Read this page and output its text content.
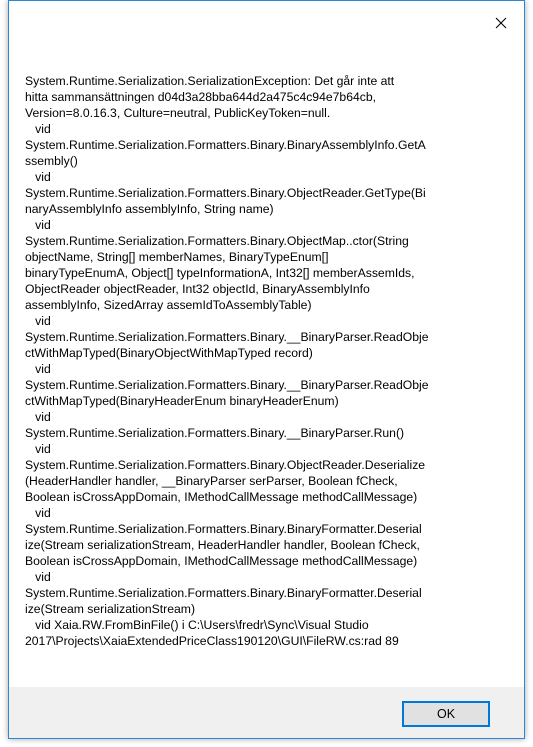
System.Runtime.Serialization.SerializationException: Det går inte att
hitta sammansättningen d04d3a28bba644d2a475c4c94e7b64cb,
Version=8.0.16.3, Culture=neutral, PublicKeyToken=null.
vid
System.Runtime.Serialization.Formatters.Binary.BinaryAssemblyInfo.GetA
ssembly()
vid
System.Runtime.Serialization.Formatters.Binary.ObjectReader.GetType(Bi
naryAssemblyInfo assemblyInfo, String name)
vid
System.Runtime.Serialization.Formatters.Binary.ObjectMap..ctor(String
objectName, String[] memberNames, BinaryTypeEnum[]
binaryTypeEnumA, Object[] typeInformationA, Int32[] memberAssemIds,
ObjectReader objectReader, Int32 objectId, BinaryAssemblyInfo
assemblyInfo, SizedArray assemIdToAssemblyTable)
vid
System.Runtime.Serialization.Formatters.Binary.__BinaryParser.ReadObje
ctWithMapTyped(BinaryObjectWithMapTyped record)
vid
System.Runtime.Serialization.Formatters.Binary.__BinaryParser.ReadObje
ctWithMapTyped(BinaryHeaderEnum binaryHeaderEnum)
vid
System.Runtime.Serialization.Formatters.Binary.__BinaryParser.Run()
vid
System.Runtime.Serialization.Formatters.Binary.ObjectReader.Deserialize
(HeaderHandler handler, __BinaryParser serParser, Boolean fCheck,
Boolean isCrossAppDomain, IMethodCallMessage methodCallMessage)
vid
System.Runtime.Serialization.Formatters.Binary.BinaryFormatter.Deserial
ize(Stream serializationStream, HeaderHandler handler, Boolean fCheck,
Boolean isCrossAppDomain, IMethodCallMessage methodCallMessage)
vid
System.Runtime.Serialization.Formatters.Binary.BinaryFormatter.Deserial
ize(Stream serializationStream)
vid Xaia.RW.FromBinFile() i C:\Users\fredr\Sync\Visual Studio
2017\Projects\XaiaExtendedPriceClass190120\GUI\FileRW.cs:rad 89
OK
